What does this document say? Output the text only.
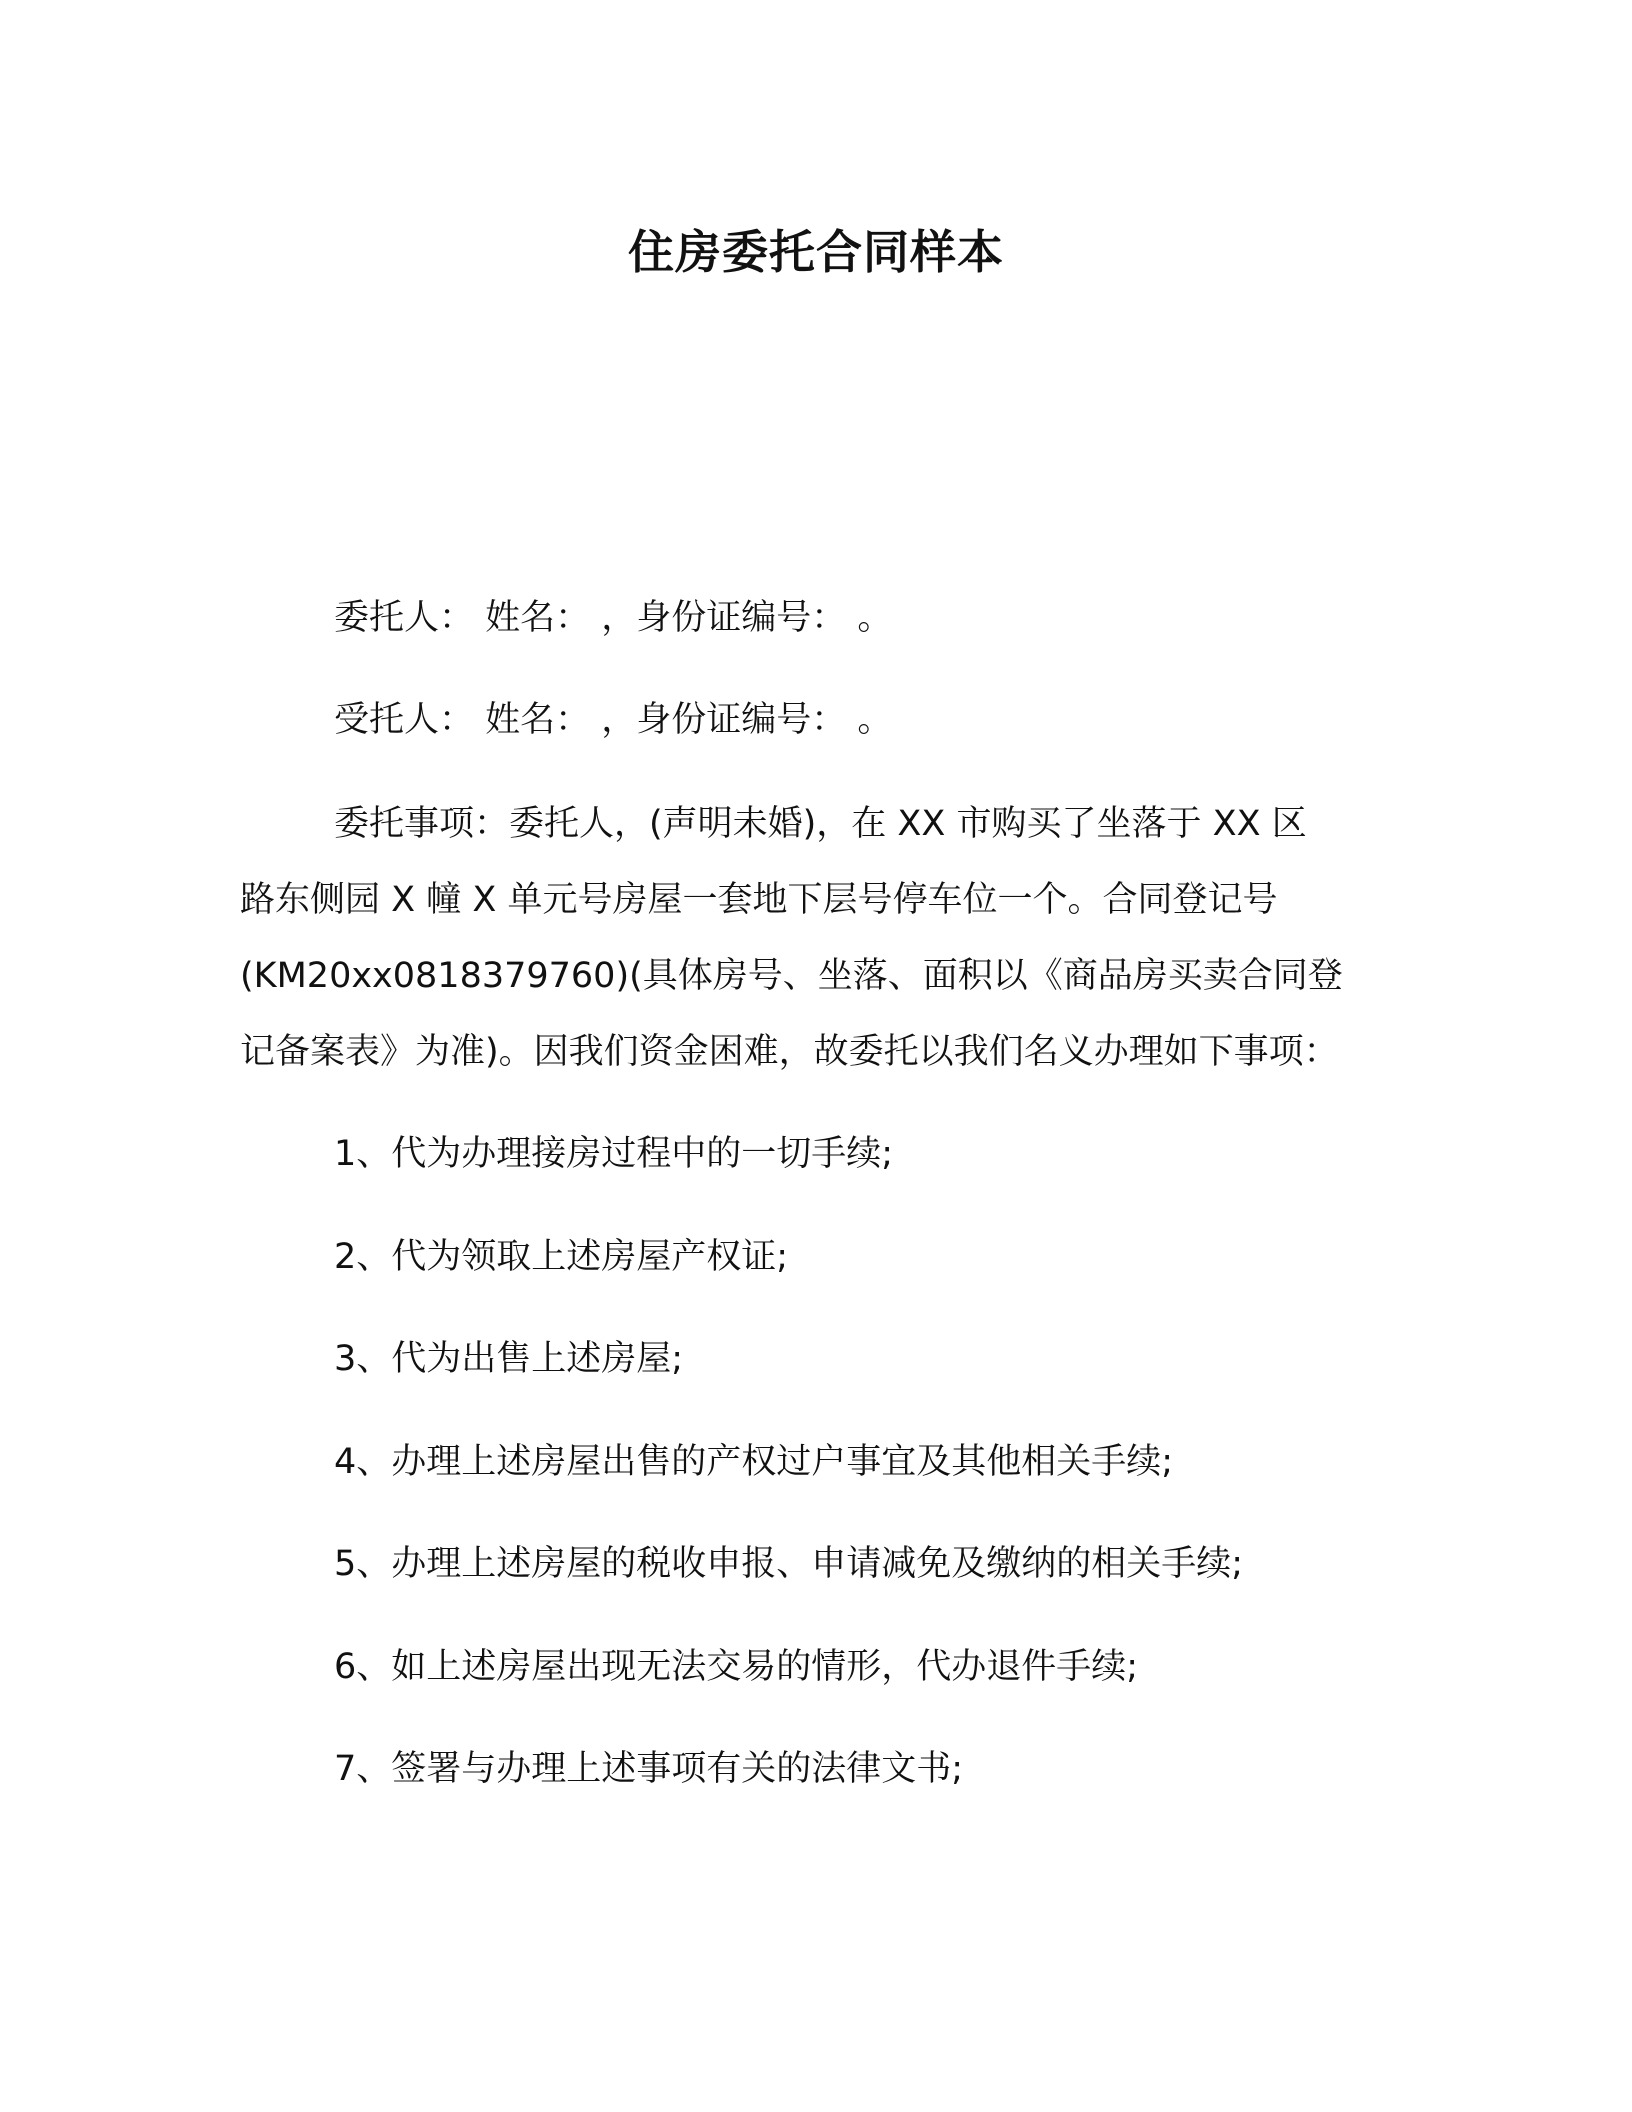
住房委托合同样本
委托人： 姓名： ，身份证编号： 。
受托人： 姓名： ，身份证编号： 。
委托事项：委托人，(声明未婚)，在 XX 市购买了坐落于 XX 区
路东侧园 X 幢 X 单元号房屋一套地下层号停车位一个。合同登记号
(KM20xx0818379760)(具体房号、坐落、面积以《商品房买卖合同登
记备案表》为准)。因我们资金困难，故委托以我们名义办理如下事项：
1、代为办理接房过程中的一切手续;
2、代为领取上述房屋产权证;
3、代为出售上述房屋;
4、办理上述房屋出售的产权过户事宜及其他相关手续;
5、办理上述房屋的税收申报、申请减免及缴纳的相关手续;
6、如上述房屋出现无法交易的情形，代办退件手续;
7、签署与办理上述事项有关的法律文书;
